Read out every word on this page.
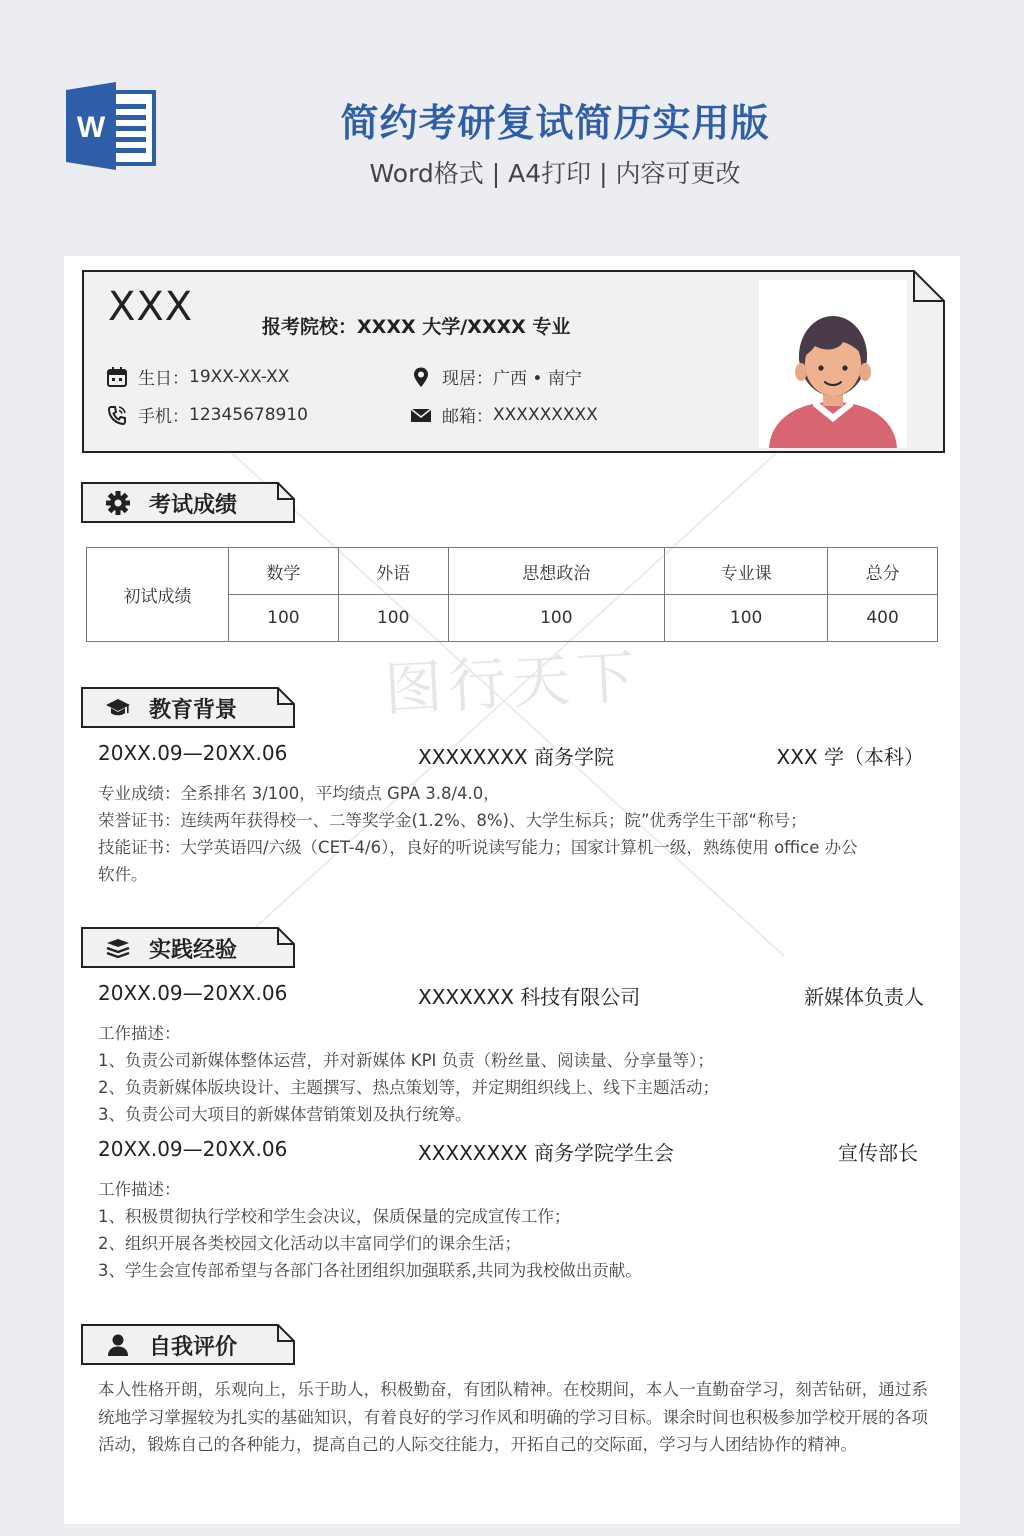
W	简约考研复试简历实用版
Word格式 | A4打印 | 内容可更改
图行天下
XXX	报考院校：XXXX 大学/XXXX 专业
生日： 19XX-XX-XX
手机： 12345678910
现居： 广西 • 南宁
邮箱： XXXXXXXXX
考试成绩
初试成绩	数学	外语	思想政治	专业课	总分
	100	100	100	100	400
教育背景
20XX.09—20XX.06	XXXXXXXX 商务学院	XXX 学（本科）
专业成绩：全系排名 3/100，平均绩点 GPA 3.8/4.0，
荣誉证书：连续两年获得校一、二等奖学金(1.2%、8%)、大学生标兵；院”优秀学生干部“称号；
技能证书：大学英语四/六级（CET-4/6），良好的听说读写能力；国家计算机一级，熟练使用 office 办公
软件。
实践经验
20XX.09—20XX.06	XXXXXXX 科技有限公司	新媒体负责人
工作描述：
1、负责公司新媒体整体运营，并对新媒体 KPI 负责（粉丝量、阅读量、分享量等）；
2、负责新媒体版块设计、主题撰写、热点策划等，并定期组织线上、线下主题活动；
3、负责公司大项目的新媒体营销策划及执行统筹。
20XX.09—20XX.06	XXXXXXXX 商务学院学生会	宣传部长
工作描述：
1、积极贯彻执行学校和学生会决议，保质保量的完成宣传工作；
2、组织开展各类校园文化活动以丰富同学们的课余生活；
3、学生会宣传部希望与各部门各社团组织加强联系,共同为我校做出贡献。
自我评价
本人性格开朗，乐观向上，乐于助人，积极勤奋，有团队精神。在校期间，本人一直勤奋学习，刻苦钻研，通过系统地学习掌握较为扎实的基础知识，有着良好的学习作风和明确的学习目标。课余时间也积极参加学校开展的各项活动，锻炼自己的各种能力，提高自己的人际交往能力，开拓自己的交际面，学习与人团结协作的精神。
